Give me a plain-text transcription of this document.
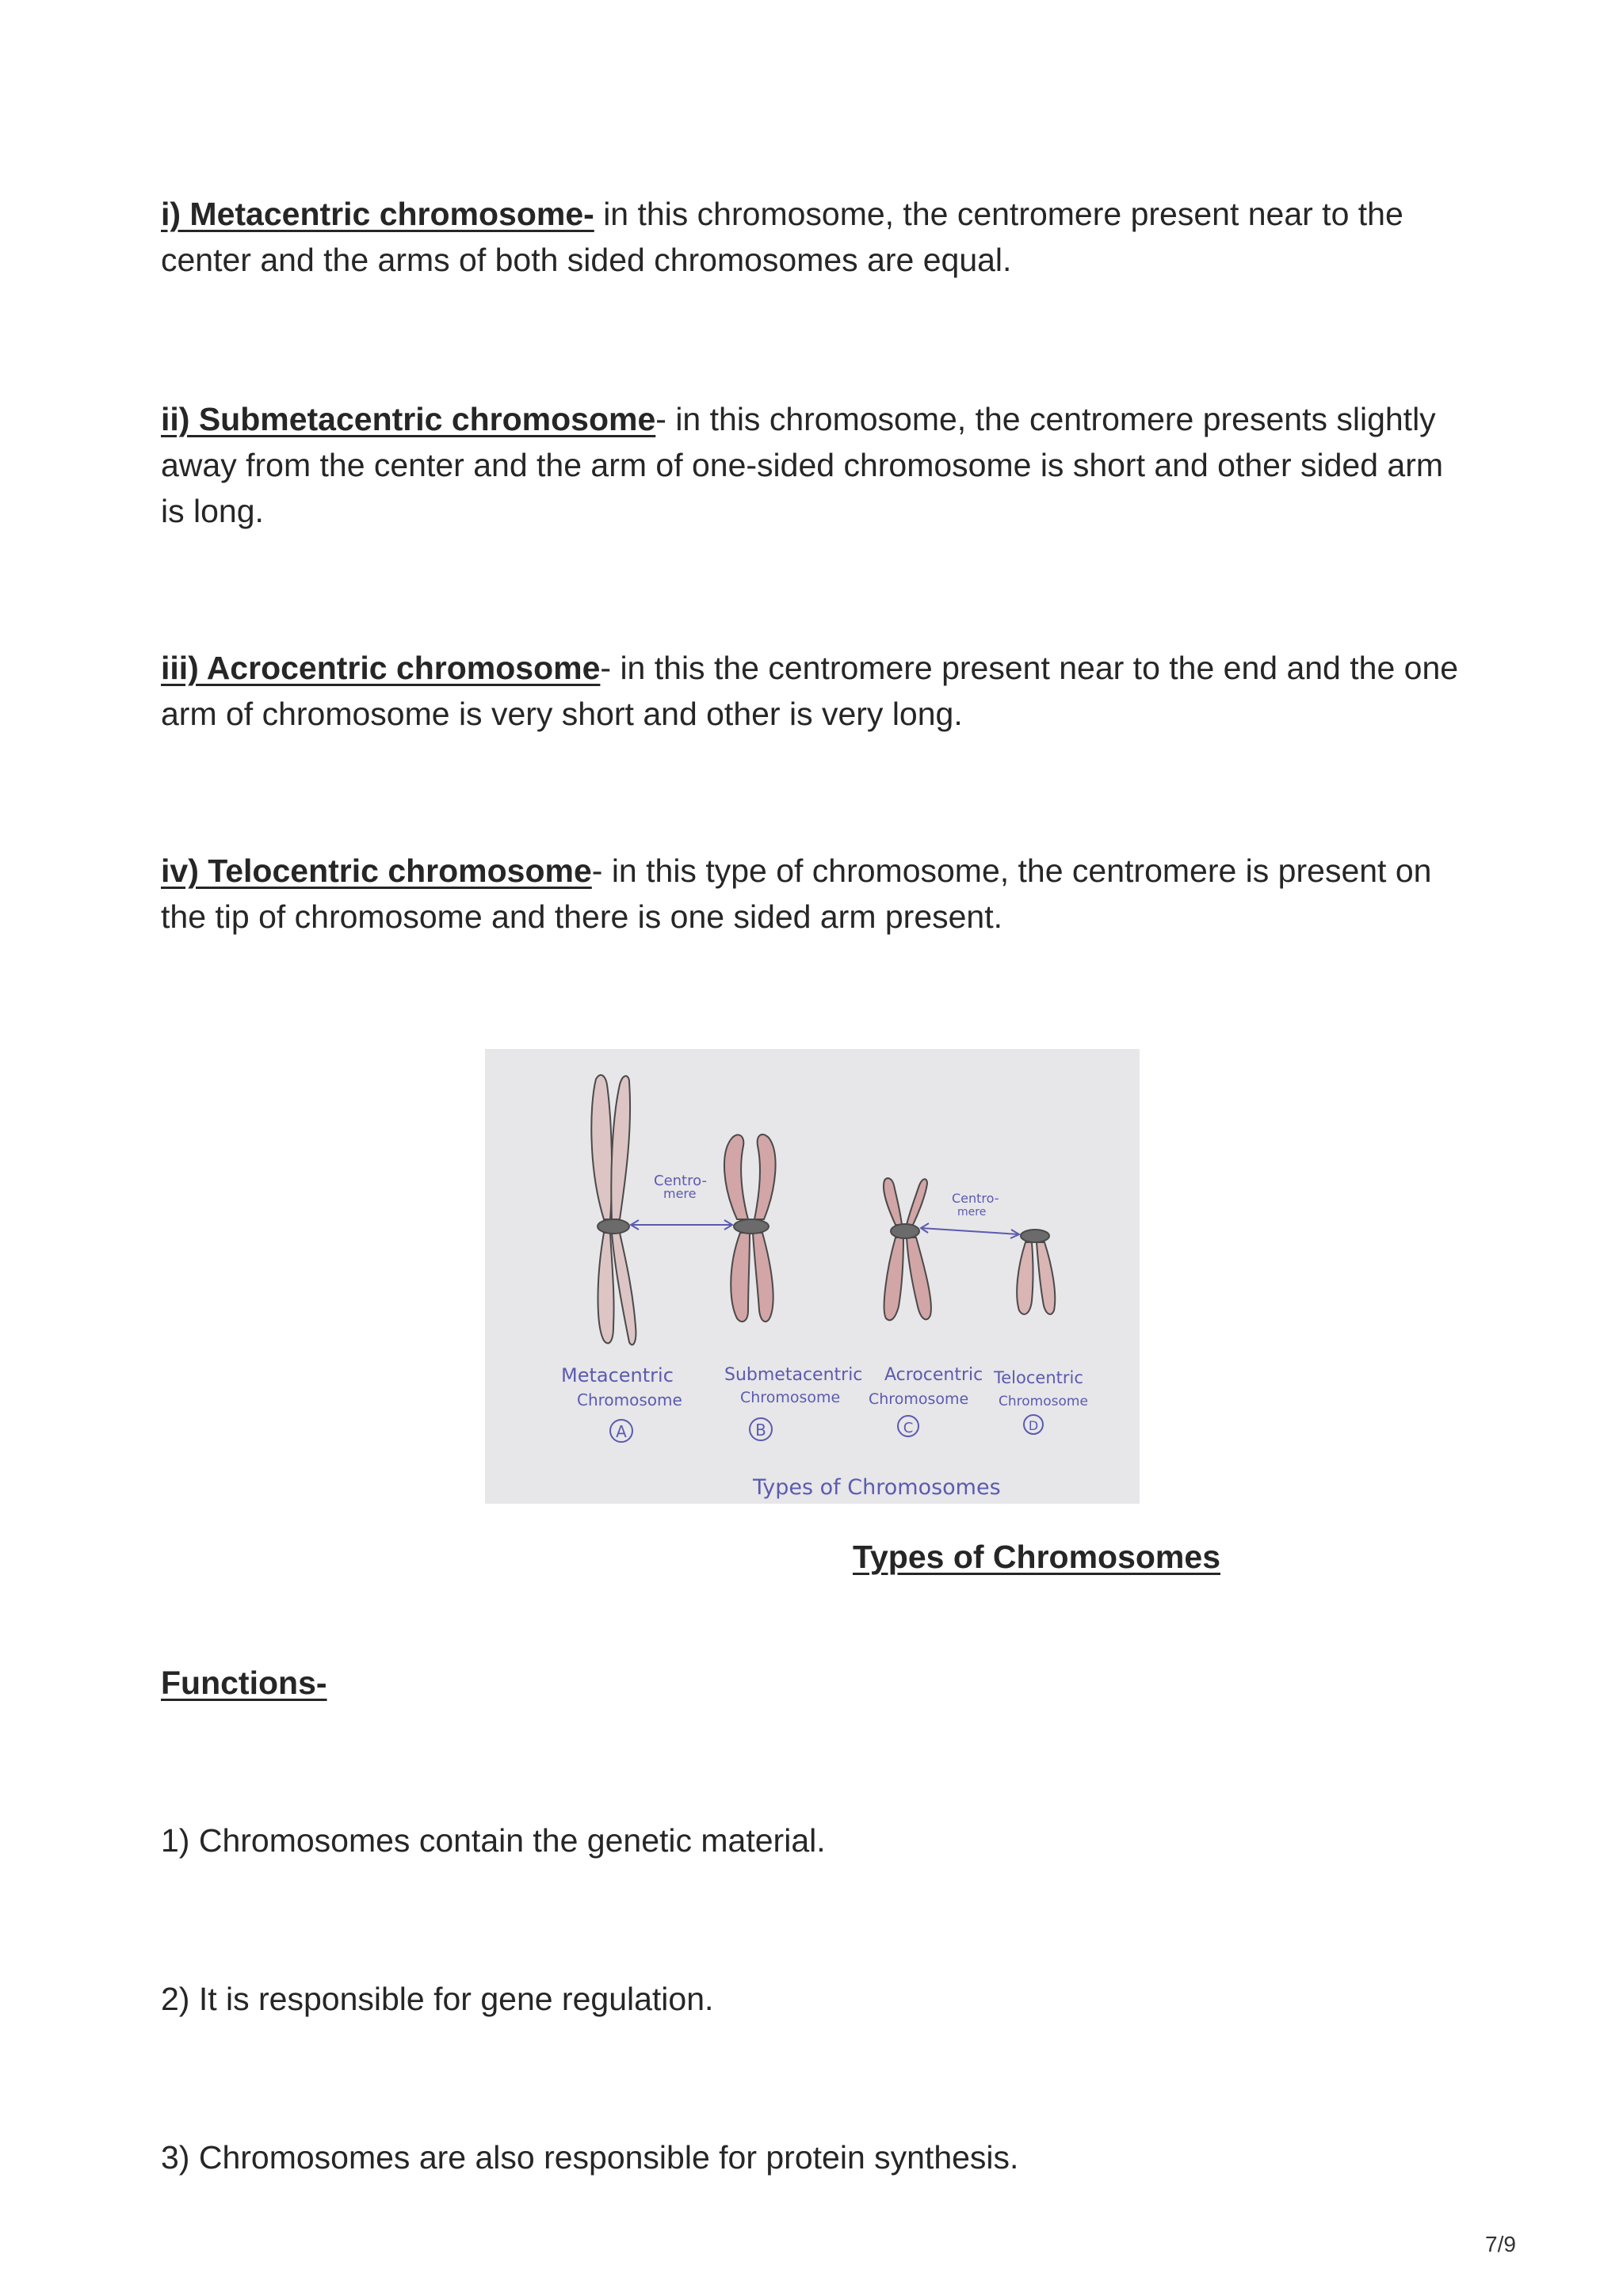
i) Metacentric chromosome- in this chromosome, the centromere present near to the center and the arms of both sided chromosomes are equal.

ii) Submetacentric chromosome- in this chromosome, the centromere presents slightly away from the center and the arm of one-sided chromosome is short and other sided arm is long.

iii) Acrocentric chromosome- in this the centromere present near to the end and the one arm of chromosome is very short and other is very long.

iv) Telocentric chromosome- in this type of chromosome, the centromere is present on the tip of chromosome and there is one sided arm present.

Centro-
mere	Centro-
mere
Metacentric
Chromosome
A
Submetacentric
Chromosome
B
Acrocentric
Chromosome
C
Telocentric
Chromosome
D
Types of Chromosomes
Types of Chromosomes
Functions-
1) Chromosomes contain the genetic material.
2) It is responsible for gene regulation.
3) Chromosomes are also responsible for protein synthesis.
7/9
